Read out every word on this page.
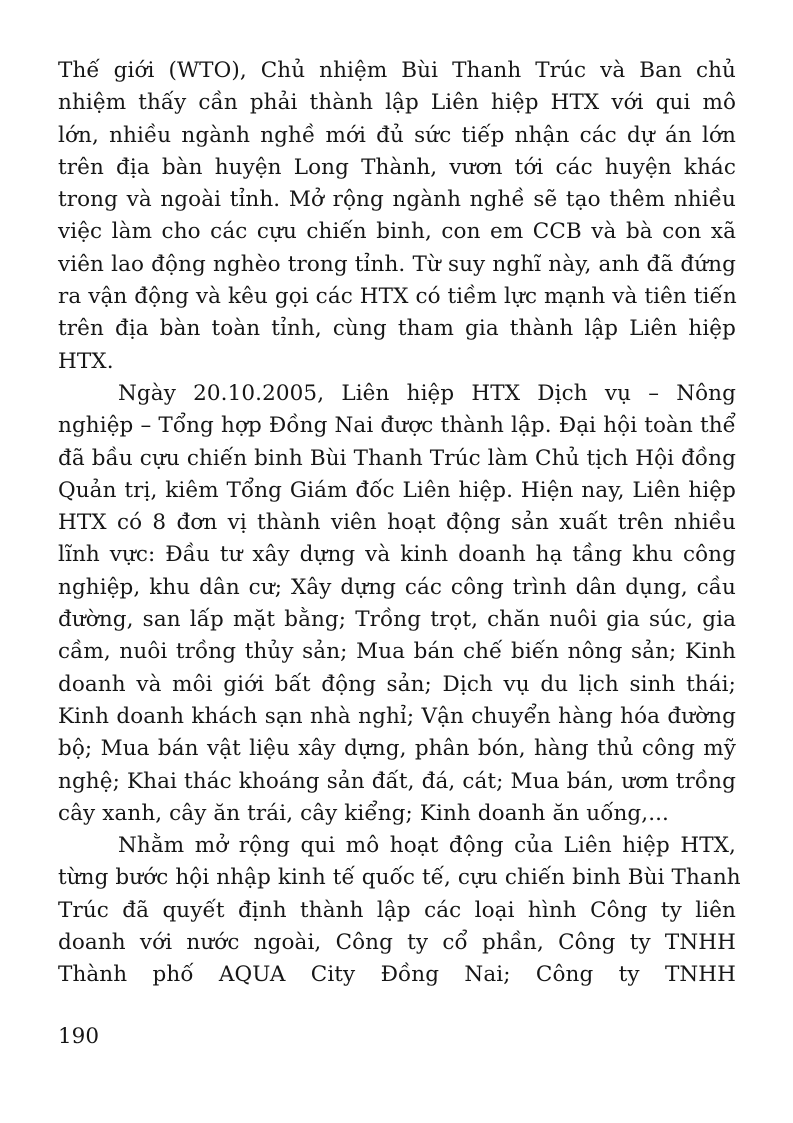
Thế giới (WTO), Chủ nhiệm Bùi Thanh Trúc và Ban chủ
nhiệm thấy cần phải thành lập Liên hiệp HTX với qui mô
lớn, nhiều ngành nghề mới đủ sức tiếp nhận các dự án lớn
trên địa bàn huyện Long Thành, vươn tới các huyện khác
trong và ngoài tỉnh. Mở rộng ngành nghề sẽ tạo thêm nhiều
việc làm cho các cựu chiến binh, con em CCB và bà con xã
viên lao động nghèo trong tỉnh. Từ suy nghĩ này, anh đã đứng
ra vận động và kêu gọi các HTX có tiềm lực mạnh và tiên tiến
trên địa bàn toàn tỉnh, cùng tham gia thành lập Liên hiệp
HTX.
Ngày 20.10.2005, Liên hiệp HTX Dịch vụ – Nông
nghiệp – Tổng hợp Đồng Nai được thành lập. Đại hội toàn thể
đã bầu cựu chiến binh Bùi Thanh Trúc làm Chủ tịch Hội đồng
Quản trị, kiêm Tổng Giám đốc Liên hiệp. Hiện nay, Liên hiệp
HTX có 8 đơn vị thành viên hoạt động sản xuất trên nhiều
lĩnh vực: Đầu tư xây dựng và kinh doanh hạ tầng khu công
nghiệp, khu dân cư; Xây dựng các công trình dân dụng, cầu
đường, san lấp mặt bằng; Trồng trọt, chăn nuôi gia súc, gia
cầm, nuôi trồng thủy sản; Mua bán chế biến nông sản; Kinh
doanh và môi giới bất động sản; Dịch vụ du lịch sinh thái;
Kinh doanh khách sạn nhà nghỉ; Vận chuyển hàng hóa đường
bộ; Mua bán vật liệu xây dựng, phân bón, hàng thủ công mỹ
nghệ; Khai thác khoáng sản đất, đá, cát; Mua bán, ươm trồng
cây xanh, cây ăn trái, cây kiểng; Kinh doanh ăn uống,...
Nhằm mở rộng qui mô hoạt động của Liên hiệp HTX,
từng bước hội nhập kinh tế quốc tế, cựu chiến binh Bùi Thanh
Trúc đã quyết định thành lập các loại hình Công ty liên
doanh với nước ngoài, Công ty cổ phần, Công ty TNHH
Thành phố AQUA City Đồng Nai; Công ty TNHH
190
